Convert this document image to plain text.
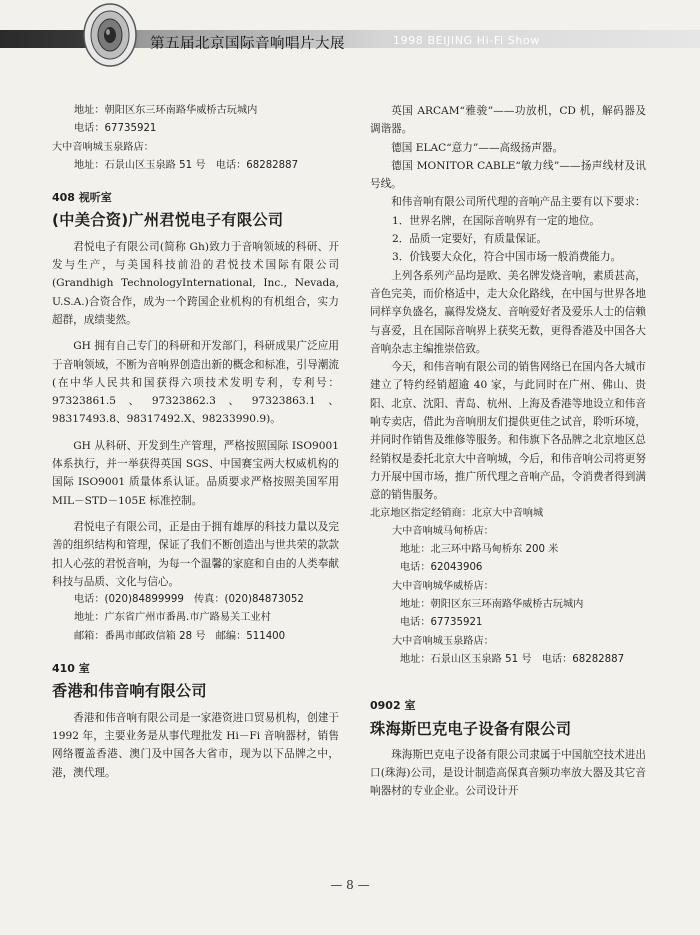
第五届北京国际音响唱片大展	1998 BEIJING Hi-Fi Show

地址：朝阳区东三环南路华威桥古玩城内

电话：67735921

大中音响城玉泉路店：

地址：石景山区玉泉路 51 号　电话：68282887

408 视听室

(中美合资)广州君悦电子有限公司

君悦电子有限公司(简称 Gh)致力于音响领域的科研、开发与生产，与美国科技前沿的君悦技术国际有限公司(Grandhigh TechnologyInternational, Inc., Nevada, U.S.A.)合资合作，成为一个跨国企业机构的有机组合，实力超群，成绩斐然。

GH 拥有自己专门的科研和开发部门，科研成果广泛应用于音响领域，不断为音响界创造出新的概念和标准，引导潮流(在中华人民共和国获得六项技术发明专利，专利号：97323861.5、97323862.3、97323863.1、98317493.8、98317492.X、98233990.9)。

GH 从科研、开发到生产管理，严格按照国际 ISO9001 体系执行，并一举获得英国 SGS、中国赛宝两大权威机构的国际 ISO9001 质量体系认证。品质要求严格按照美国军用 MIL－STD－105E 标准控制。

君悦电子有限公司，正是由于拥有雄厚的科技力量以及完善的组织结构和管理，保证了我们不断创造出与世共荣的款款扣人心弦的君悦音响，为每一个温馨的家庭和自由的人类奉献科技与品质、文化与信心。

电话：(020)84899999　传真：(020)84873052

地址：广东省广州市番禺.市广路易关工业村

邮箱：番禺市邮政信箱 28 号　邮编：511400

410 室

香港和伟音响有限公司

香港和伟音响有限公司是一家港资进口贸易机构，创建于 1992 年，主要业务是从事代理批发 Hi－Fi 音响器材，销售网络覆盖香港、澳门及中国各大省市，现为以下品牌之中，港，澳代理。

英国 ARCAM“雅骏”——功放机，CD 机，解码器及调谐器。

德国 ELAC“意力”——高级扬声器。

德国 MONITOR CABLE“敏力线”——扬声线材及讯号线。

和伟音响有限公司所代理的音响产品主要有以下要求：

1．世界名牌，在国际音响界有一定的地位。

2．品质一定要好，有质量保证。

3．价钱要大众化，符合中国市场一般消费能力。

上列各系列产品均是欧、美名牌发烧音响，素质甚高，音色完美，而价格适中，走大众化路线，在中国与世界各地同样享负盛名，赢得发烧友、音响爱好者及爱乐人士的信赖与喜爱，且在国际音响界上获奖无数，更得香港及中国各大音响杂志主编推崇倍致。

今天，和伟音响有限公司的销售网络已在国内各大城市建立了特约经销超逾 40 家，与此同时在广州、佛山、贵阳、北京、沈阳、青岛、杭州、上海及香港等地设立和伟音响专卖店，借此为音响朋友们提供更佳之试音，聆听环境，并同时作销售及维修等服务。和伟旗下各品牌之北京地区总经销权是委托北京大中音响城，今后，和伟音响公司将更努力开展中国市场，推广所代理之音响产品，令消费者得到满意的销售服务。

北京地区指定经销商：北京大中音响城

大中音响城马甸桥店：

地址：北三环中路马甸桥东 200 米

电话：62043906

大中音响城华威桥店：

地址：朝阳区东三环南路华威桥古玩城内

电话：67735921

大中音响城玉泉路店：

地址：石景山区玉泉路 51 号　电话：68282887

0902 室

珠海斯巴克电子设备有限公司

珠海斯巴克电子设备有限公司隶属于中国航空技术进出口(珠海)公司，是设计制造高保真音频功率放大器及其它音响器材的专业企业。公司设计开

— 8 —
